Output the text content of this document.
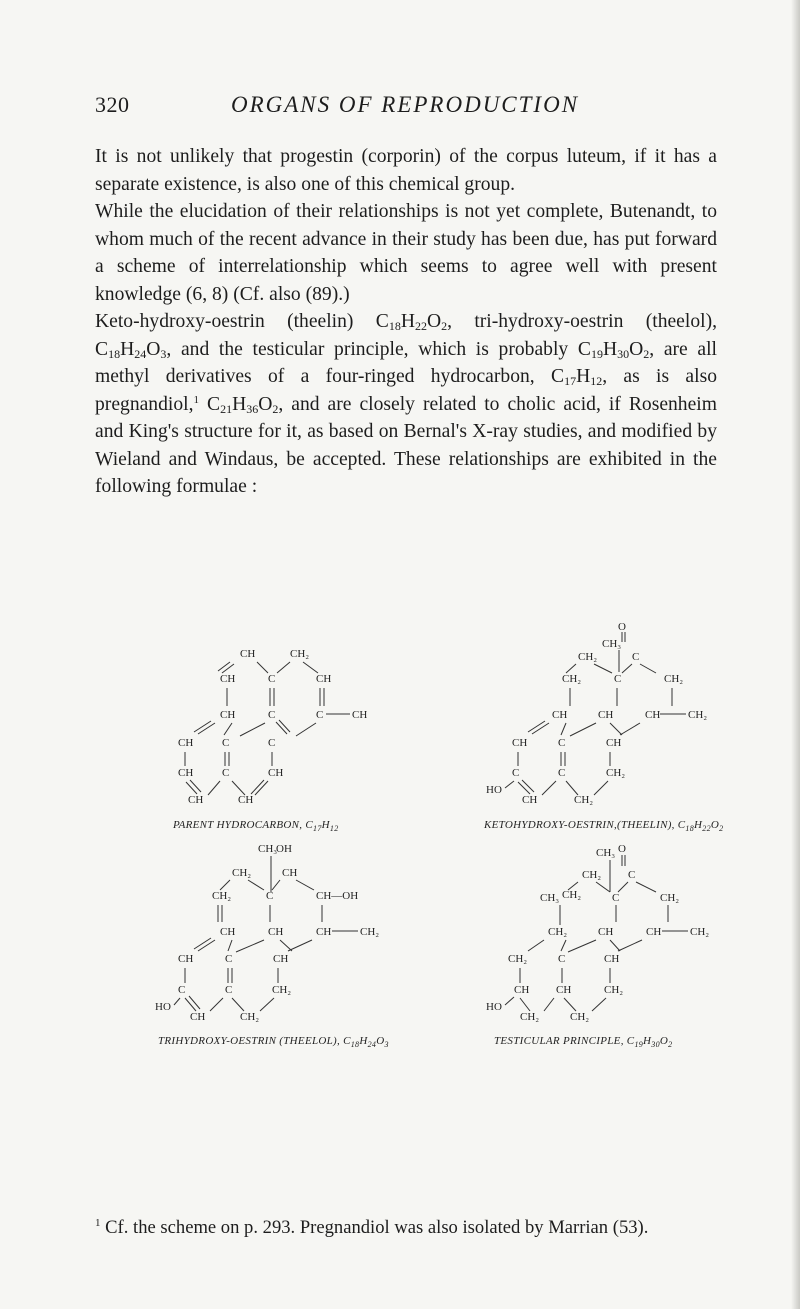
320	ORGANS OF REPRODUCTION

It is not unlikely that progestin (corporin) of the corpus luteum, if it has a separate existence, is also one of this chemical group.

While the elucidation of their relationships is not yet complete, Butenandt, to whom much of the recent advance in their study has been due, has put forward a scheme of interrelationship which seems to agree well with present knowledge (6, 8) (Cf. also (89).)

Keto-hydroxy-oestrin (theelin) $C_{18}H_{22}O_2$, tri-hydroxy-oestrin (theelol), $C_{18}H_{24}O_3$, and the testicular principle, which is probably $C_{19}H_{30}O_2$, are all methyl derivatives of a four-ringed hydrocarbon, $C_{17}H_{12}$, as is also pregnandiol,$^1$ $C_{21}H_{36}O_2$, and are closely related to cholic acid, if Rosenheim and King's structure for it, as based on Bernal's X-ray studies, and modified by Wieland and Windaus, be accepted. These relationships are exhibited in the following formulae :

CH	CH₂
CH	C	CH
CH	C	C	CH
CH	C	C
CH	C	CH
CH	CH
PARENT HYDROCARBON, $C_{17}H_{12}$
O
CH₃
CH₂	C
CH₂	C	CH₂
CH	CH	CH	CH₂
CH	C	CH
C	C	CH₂
HO
CH	CH₂
KETOHYDROXY-OESTRIN,(THEELIN), $C_{18}H_{22}O_2$
CH₃
OH
CH₂	CH
CH₂	C	CH—OH
CH	CH	CH	CH₂
CH	C	CH
C	C	CH₂
HO
CH	CH₂
TRIHYDROXY-OESTRIN (THEELOL), $C_{18}H_{24}O_3$
O
CH₃
CH₂ C
CH₃ CH₂	C	CH₂
CH₂	CH	CH	CH₂
CH₂	C	CH
CH CH	CH₂
HO
CH₂	CH₂
TESTICULAR PRINCIPLE, $C_{19}H_{30}O_2$
$^1$ Cf. the scheme on p. 293. Pregnandiol was also isolated by Marrian (53).
